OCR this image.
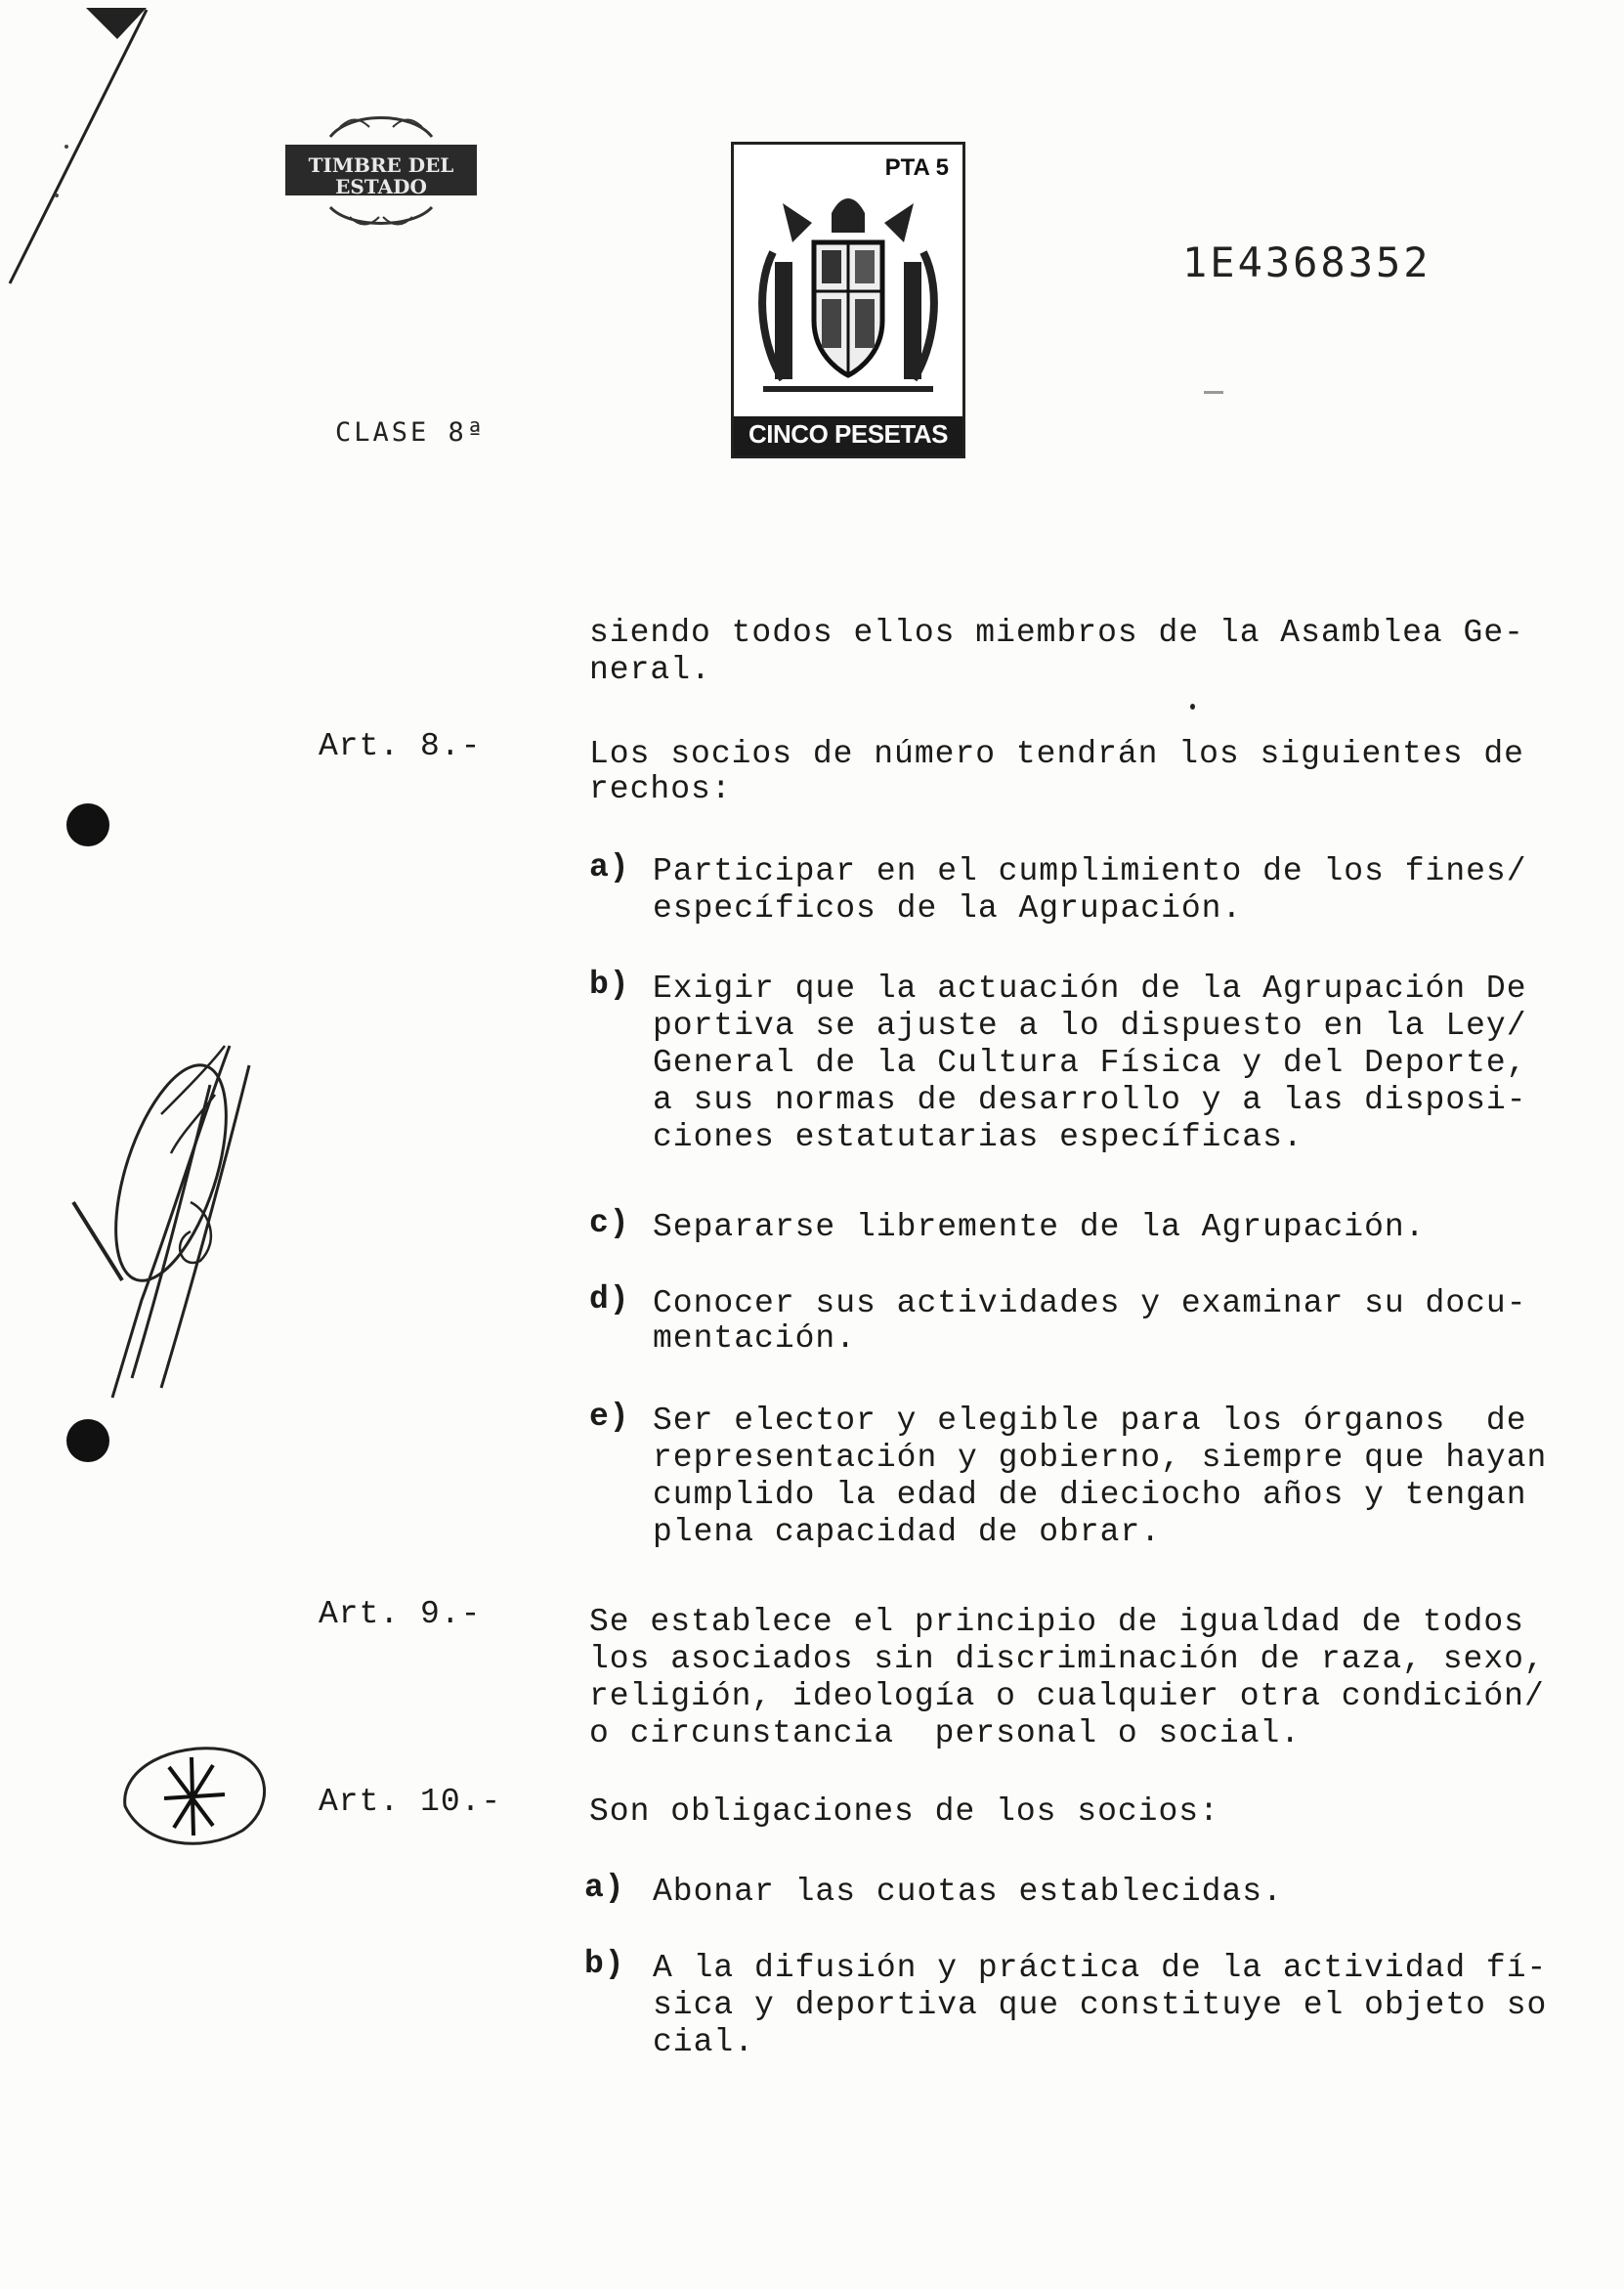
TIMBRE DEL ESTADO
PTA 5
CINCO PESETAS
1E4368352
CLASE 8ª
siendo todos ellos miembros de la Asamblea Ge-
neral.
Art. 8.-	Los socios de número tendrán los siguientes de
rechos:
a) Participar en el cumplimiento de los fines/
específicos de la Agrupación.
b) Exigir que la actuación de la Agrupación De
portiva se ajuste a lo dispuesto en la Ley/
General de la Cultura Física y del Deporte,
a sus normas de desarrollo y a las disposi-
ciones estatutarias específicas.
c) Separarse libremente de la Agrupación.
d) Conocer sus actividades y examinar su docu-
mentación.
e) Ser elector y elegible para los órganos  de
representación y gobierno, siempre que hayan
cumplido la edad de dieciocho años y tengan
plena capacidad de obrar.
Art. 9.-	Se establece el principio de igualdad de todos
los asociados sin discriminación de raza, sexo,
religión, ideología o cualquier otra condición/
o circunstancia  personal o social.
Art. 10.-	Son obligaciones de los socios:
a) Abonar las cuotas establecidas.
b) A la difusión y práctica de la actividad fí-
sica y deportiva que constituye el objeto so
cial.
